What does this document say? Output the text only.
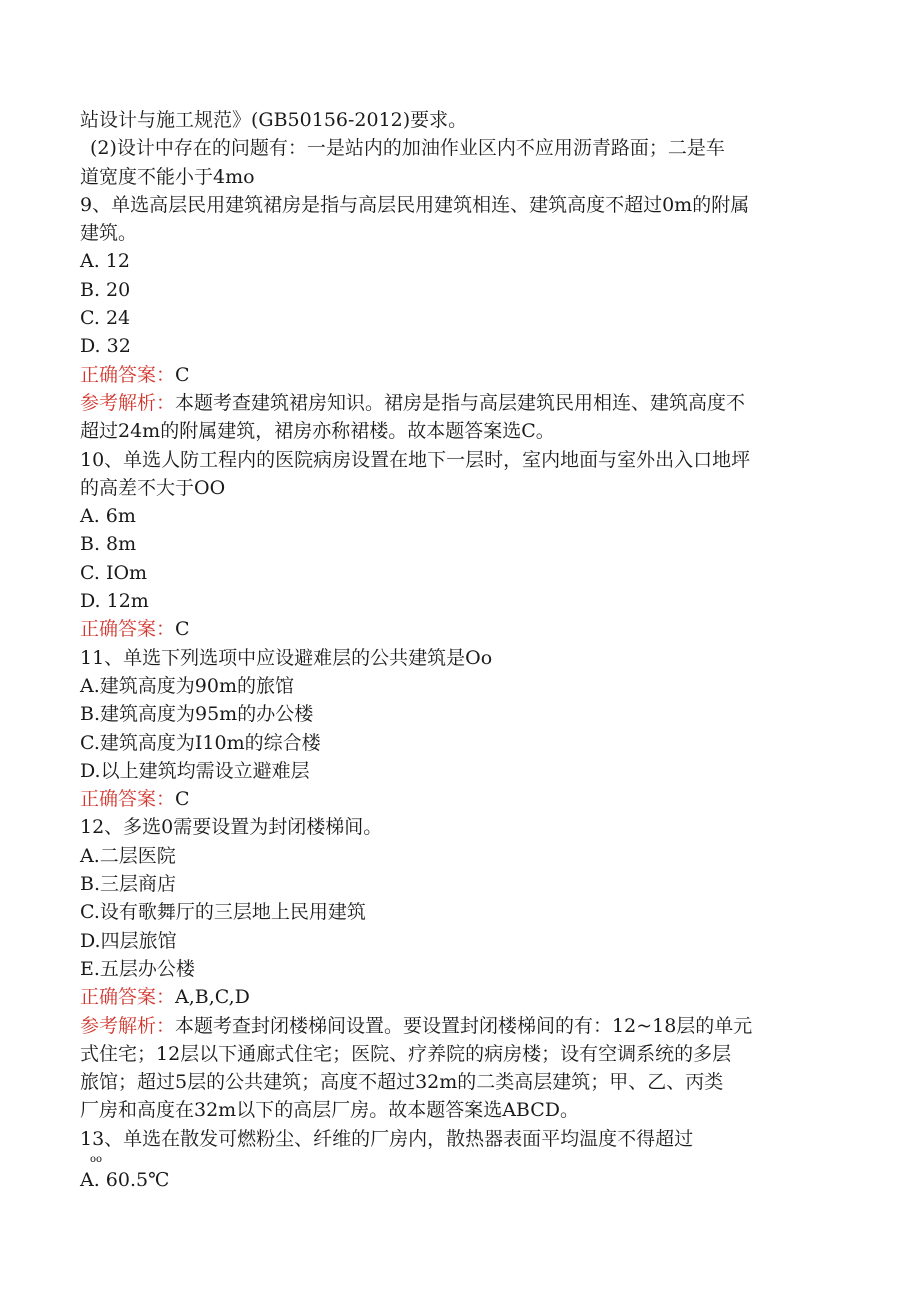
站设计与施工规范》(GB50156-2012)要求。
(2)设计中存在的问题有：一是站内的加油作业区内不应用沥青路面；二是车
道宽度不能小于4mo
9、单选高层民用建筑裙房是指与高层民用建筑相连、建筑高度不超过0m的附属
建筑。
A. 12
B. 20
C. 24
D. 32
正确答案：C
参考解析：本题考查建筑裙房知识。裙房是指与高层建筑民用相连、建筑高度不
超过24m的附属建筑，裙房亦称裙楼。故本题答案选C。
10、单选人防工程内的医院病房设置在地下一层时，室内地面与室外出入口地坪
的高差不大于OO
A. 6m
B. 8m
C. IOm
D. 12m
正确答案：C
11、单选下列选项中应设避难层的公共建筑是Oo
A.建筑高度为90m的旅馆
B.建筑高度为95m的办公楼
C.建筑高度为I10m的综合楼
D.以上建筑均需设立避难层
正确答案：C
12、多选0需要设置为封闭楼梯间。
A.二层医院
B.三层商店
C.设有歌舞厅的三层地上民用建筑
D.四层旅馆
E.五层办公楼
正确答案：A,B,C,D
参考解析：本题考查封闭楼梯间设置。要设置封闭楼梯间的有：12~18层的单元
式住宅；12层以下通廊式住宅；医院、疗养院的病房楼；设有空调系统的多层
旅馆；超过5层的公共建筑；高度不超过32m的二类高层建筑；甲、乙、丙类
厂房和高度在32m以下的高层厂房。故本题答案选ABCD。
13、单选在散发可燃粉尘、纤维的厂房内，散热器表面平均温度不得超过
oo
A. 60.5℃
